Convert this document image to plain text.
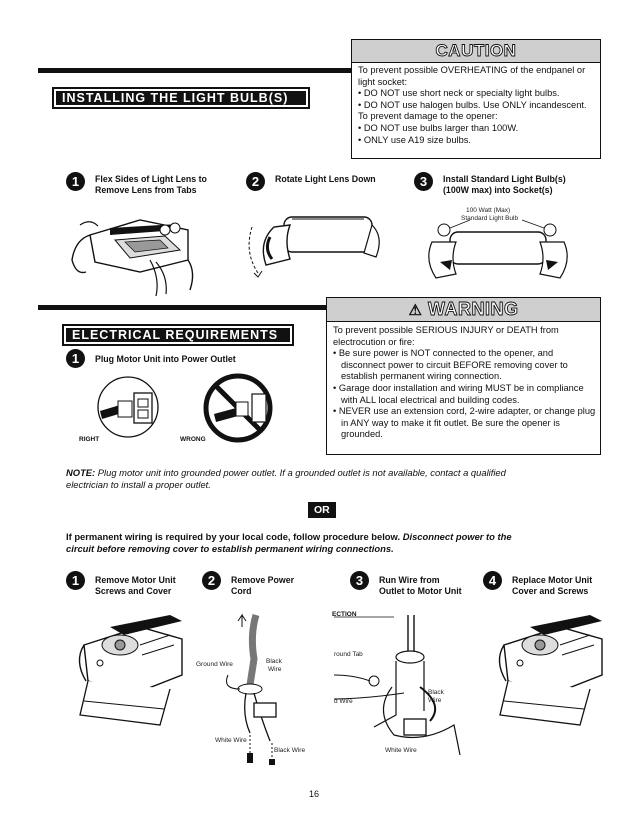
CAUTION
To prevent possible OVERHEATING of the endpanel or
light socket:
• DO NOT use short neck or specialty light bulbs.
• DO NOT use halogen bulbs. Use ONLY incandescent.
To prevent damage to the opener:
• DO NOT use bulbs larger than 100W.
• ONLY use A19 size bulbs.
INSTALLING THE LIGHT BULB(S)
1	Flex Sides of Light Lens to
Remove Lens from Tabs
2	Rotate Light Lens Down	3	Install Standard Light Bulb(s)
(100W max) into Socket(s)
100 Watt (Max)
Standard Light Bulb
⚠ WARNING
To prevent possible SERIOUS INJURY or DEATH from
electrocution or fire:
• Be sure power is NOT connected to the opener, and
disconnect power to circuit BEFORE removing cover to
establish permanent wiring connection.
• Garage door installation and wiring MUST be in compliance
with ALL local electrical and building codes.
• NEVER use an extension cord, 2-wire adapter, or change plug
in ANY way to make it fit outlet. Be sure the opener is
grounded.
ELECTRICAL REQUIREMENTS
1	Plug Motor Unit into Power Outlet
RIGHT	WRONG
NOTE: Plug motor unit into grounded power outlet. If a grounded outlet is not available, contact a qualified
electrician to install a proper outlet.
OR
If permanent wiring is required by your local code, follow procedure below. Disconnect power to the
circuit before removing cover to establish permanent wiring connections.
1	Remove Motor Unit
Screws and Cover
2	Remove Power
Cord
3	Run Wire from
Outlet to Motor Unit
4	Replace Motor Unit
Cover and Screws
Ground Wire	Black
Wire
White Wire
Black Wire
ECTION
round Tab
d Wire
Black
Wire
White Wire
16
